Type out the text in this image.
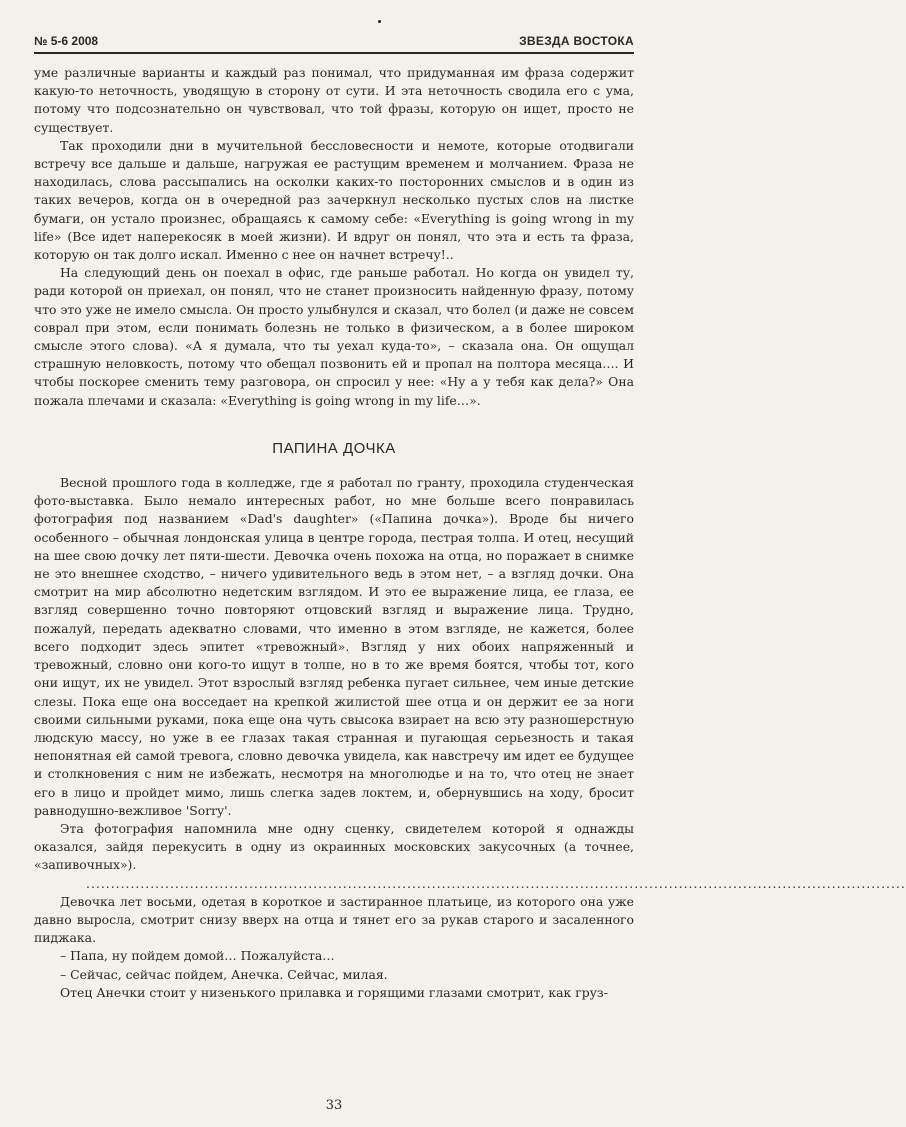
№ 5-6 2008	ЗВЕЗДА ВОСТОКА

уме различные варианты и каждый раз понимал, что придуманная им фраза содержит какую-то неточность, уводящую в сторону от сути. И эта неточность сводила его с ума, потому что подсознательно он чувствовал, что той фразы, которую он ищет, просто не существует.

Так проходили дни в мучительной бессловесности и немоте, которые отодвигали встречу все дальше и дальше, нагружая ее растущим временем и молчанием. Фраза не находилась, слова рассыпались на осколки каких-то посторонних смыслов и в один из таких вечеров, когда он в очередной раз зачеркнул несколько пустых слов на листке бумаги, он устало произнес, обращаясь к самому себе: «Everything is going wrong in my life» (Все идет наперекосяк в моей жизни). И вдруг он понял, что эта и есть та фраза, которую он так долго искал. Именно с нее он начнет встречу!..

На следующий день он поехал в офис, где раньше работал. Но когда он увидел ту, ради которой он приехал, он понял, что не станет произносить найденную фразу, потому что это уже не имело смысла. Он просто улыбнулся и сказал, что болел (и даже не совсем соврал при этом, если понимать болезнь не только в физическом, а в более широком смысле этого слова). «А я думала, что ты уехал куда-то», – сказала она. Он ощущал страшную неловкость, потому что обещал позвонить ей и пропал на полтора месяца…. И чтобы поскорее сменить тему разговора, он спросил у нее: «Ну а у тебя как дела?» Она пожала плечами и сказала: «Everything is going wrong in my life…».

ПАПИНА ДОЧКА

Весной прошлого года в колледже, где я работал по гранту, проходила студенческая фото-выставка. Было немало интересных работ, но мне больше всего понравилась фотография под названием «Dad's daughter» («Папина дочка»). Вроде бы ничего особенного – обычная лондонская улица в центре города, пестрая толпа. И отец, несущий на шее свою дочку лет пяти-шести. Девочка очень похожа на отца, но поражает в снимке не это внешнее сходство, – ничего удивительного ведь в этом нет, – а взгляд дочки. Она смотрит на мир абсолютно недетским взглядом. И это ее выражение лица, ее глаза, ее взгляд совершенно точно повторяют отцовский взгляд и выражение лица. Трудно, пожалуй, передать адекватно словами, что именно в этом взгляде, не кажется, более всего подходит здесь эпитет «тревожный». Взгляд у них обоих напряженный и тревожный, словно они кого-то ищут в толпе, но в то же время боятся, чтобы тот, кого они ищут, их не увидел. Этот взрослый взгляд ребенка пугает сильнее, чем иные детские слезы. Пока еще она восседает на крепкой жилистой шее отца и он держит ее за ноги своими сильными руками, пока еще она чуть свысока взирает на всю эту разношерстную людскую массу, но уже в ее глазах такая странная и пугающая серьезность и такая непонятная ей самой тревога, словно девочка увидела, как навстречу им идет ее будущее и столкновения с ним не избежать, несмотря на многолюдье и на то, что отец не знает его в лицо и пройдет мимо, лишь слегка задев локтем, и, обернувшись на ходу, бросит равнодушно-вежливое 'Sorry'.

Эта фотография напомнила мне одну сценку, свидетелем которой я однажды оказался, зайдя перекусить в одну из окраинных московских закусочных (а точнее, «запивочных»).

......................................................................................................................................................................

Девочка лет восьми, одетая в короткое и застиранное платьице, из которого она уже давно выросла, смотрит снизу вверх на отца и тянет его за рукав старого и засаленного пиджака.

– Папа, ну пойдем домой… Пожалуйста…

– Сейчас, сейчас пойдем, Анечка. Сейчас, милая.

Отец Анечки стоит у низенького прилавка и горящими глазами смотрит, как груз-

33
